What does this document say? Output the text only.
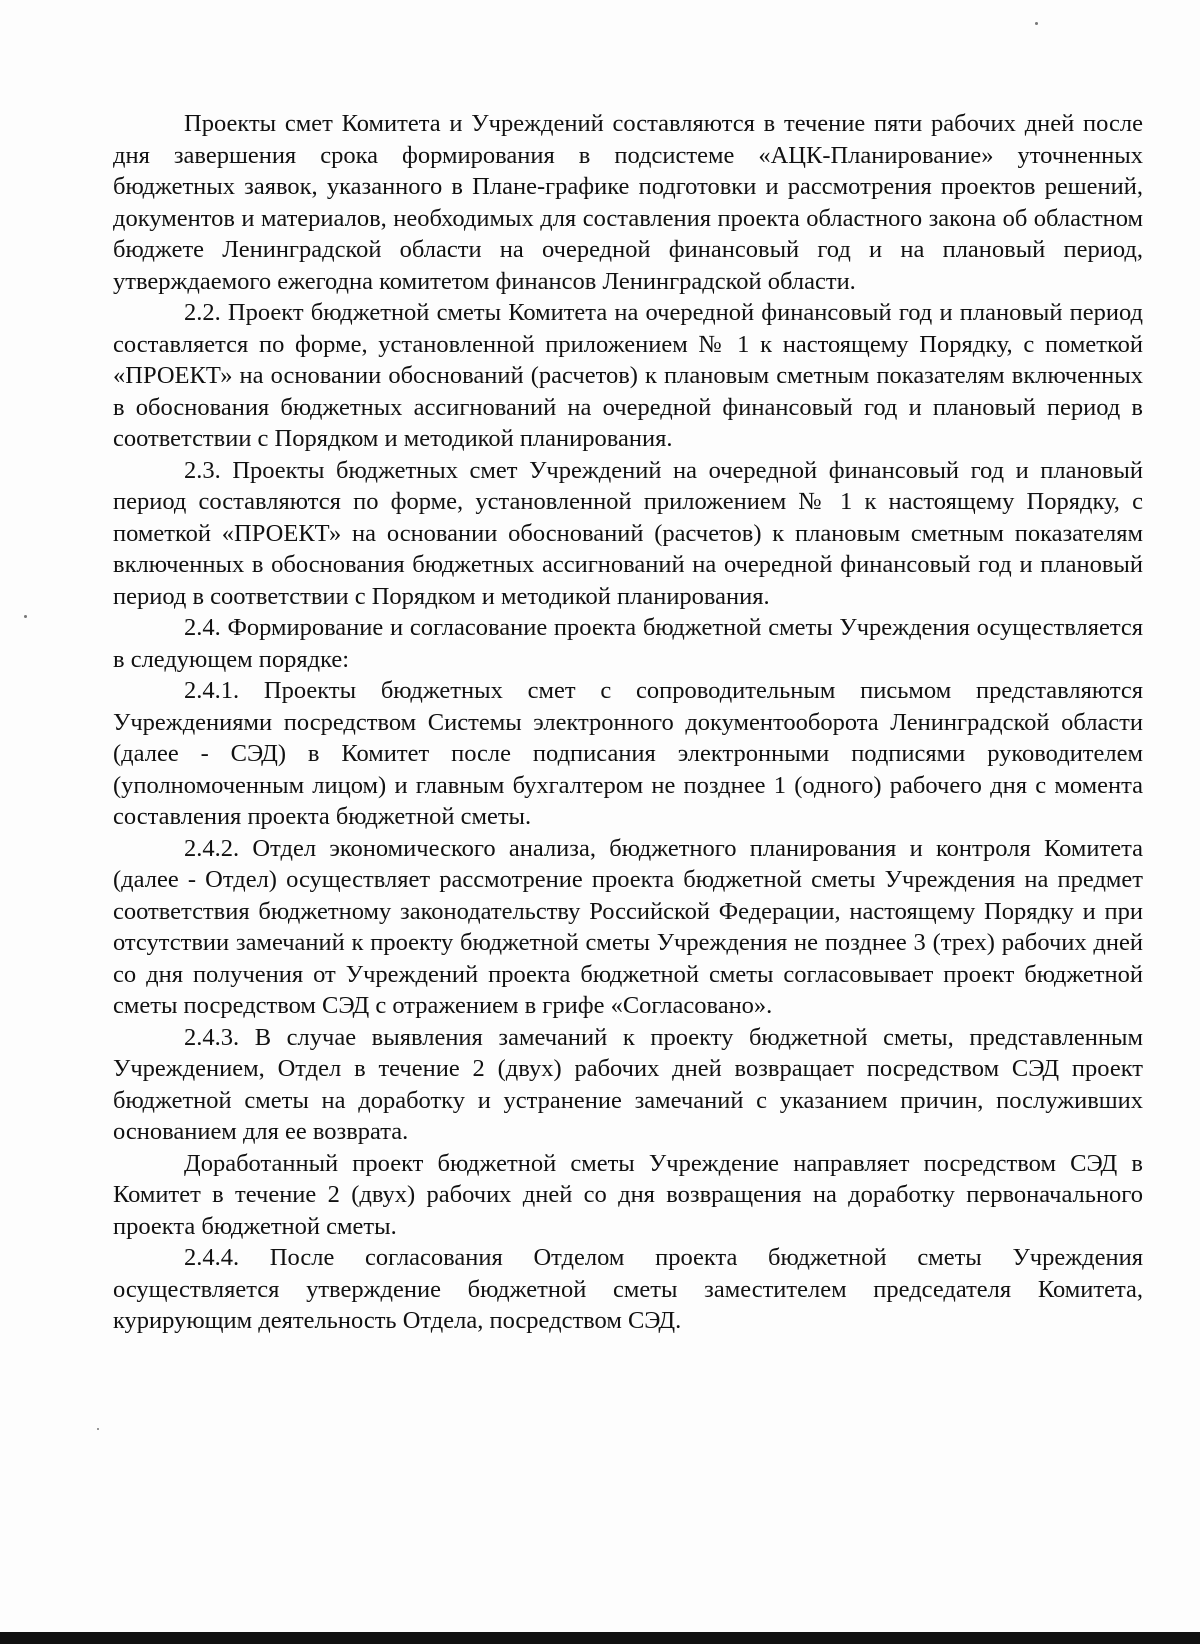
Проекты смет Комитета и Учреждений составляются в течение пяти рабочих дней после дня завершения срока формирования в подсистеме «АЦК-Планирование» уточненных бюджетных заявок, указанного в Плане-графике подготовки и рассмотрения проектов решений, документов и материалов, необходимых для составления проекта областного закона об областном бюджете Ленинградской области на очередной финансовый год и на плановый период, утверждаемого ежегодна комитетом финансов Ленинградской области.

2.2. Проект бюджетной сметы Комитета на очередной финансовый год и плановый период составляется по форме, установленной приложением № 1 к настоящему Порядку, с пометкой «ПРОЕКТ» на основании обоснований (расчетов) к плановым сметным показателям включенных в обоснования бюджетных ассигнований на очередной финансовый год и плановый период в соответствии с Порядком и методикой планирования.

2.3. Проекты бюджетных смет Учреждений на очередной финансовый год и плановый период составляются по форме, установленной приложением № 1 к настоящему Порядку, с пометкой «ПРОЕКТ» на основании обоснований (расчетов) к плановым сметным показателям включенных в обоснования бюджетных ассигнований на очередной финансовый год и плановый период в соответствии с Порядком и методикой планирования.

2.4. Формирование и согласование проекта бюджетной сметы Учреждения осуществляется в следующем порядке:

2.4.1. Проекты бюджетных смет с сопроводительным письмом представляются Учреждениями посредством Системы электронного документооборота Ленинградской области (далее - СЭД) в Комитет после подписания электронными подписями руководителем (уполномоченным лицом) и главным бухгалтером не позднее 1 (одного) рабочего дня с момента составления проекта бюджетной сметы.

2.4.2. Отдел экономического анализа, бюджетного планирования и контроля Комитета (далее - Отдел) осуществляет рассмотрение проекта бюджетной сметы Учреждения на предмет соответствия бюджетному законодательству Российской Федерации, настоящему Порядку и при отсутствии замечаний к проекту бюджетной сметы Учреждения не позднее 3 (трех) рабочих дней со дня получения от Учреждений проекта бюджетной сметы согласовывает проект бюджетной сметы посредством СЭД с отражением в грифе «Согласовано».

2.4.3. В случае выявления замечаний к проекту бюджетной сметы, представленным Учреждением, Отдел в течение 2 (двух) рабочих дней возвращает посредством СЭД проект бюджетной сметы на доработку и устранение замечаний с указанием причин, послуживших основанием для ее возврата.

Доработанный проект бюджетной сметы Учреждение направляет посредством СЭД в Комитет в течение 2 (двух) рабочих дней со дня возвращения на доработку первоначального проекта бюджетной сметы.

2.4.4. После согласования Отделом проекта бюджетной сметы Учреждения осуществляется утверждение бюджетной сметы заместителем председателя Комитета, курирующим деятельность Отдела, посредством СЭД.
